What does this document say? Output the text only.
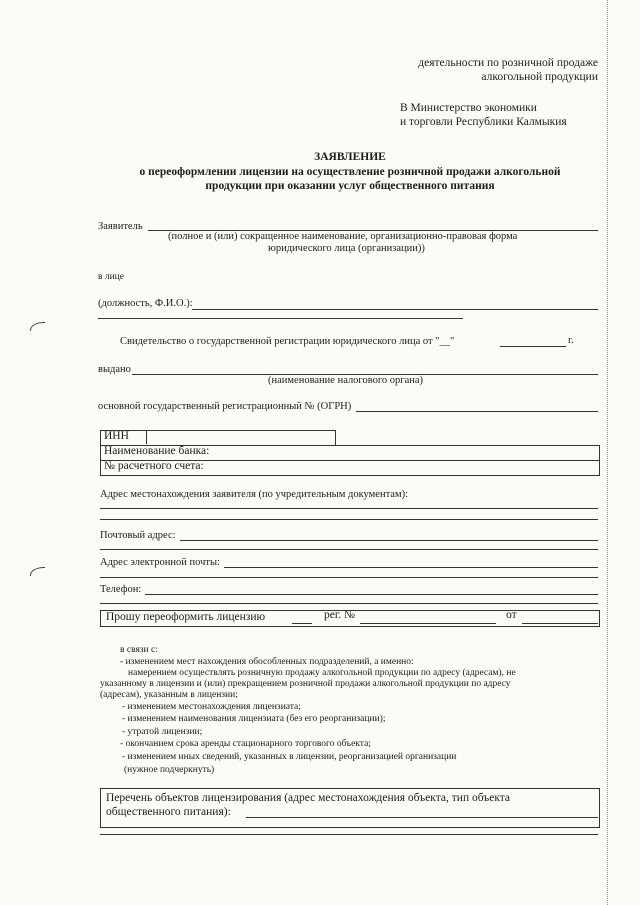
деятельности по розничной продаже
алкогольной продукции
В Министерство экономики
и торговли Республики Калмыкия
ЗАЯВЛЕНИЕ
о переоформлении лицензии на осуществление розничной продажи алкогольной
продукции при оказании услуг общественного питания
Заявитель
(полное и (или) сокращенное наименование, организационно-правовая форма
юридического лица (организации))
в лице
(должность, Ф.И.О.):
Свидетельство о государственной регистрации юридического лица от "__"	г.
выдано
(наименование налогового органа)
основной государственный регистрационный № (ОГРН)
ИНН
Наименование банка:
№ расчетного счета:
Адрес местонахождения заявителя (по учредительным документам):
Почтовый адрес:
Адрес электронной почты:
Телефон:
Прошу переоформить лицензию	рег. №	от
в связи с:
- изменением мест нахождения обособленных подразделений, а именно:
намерением осуществлять розничную продажу алкогольной продукции по адресу (адресам), не
указанному в лицензии и (или) прекращением розничной продажи алкогольной продукции по адресу
(адресам), указанным в лицензии;
- изменением местонахождения лицензиата;
- изменением наименования лицензиата (без его реорганизации);
- утратой лицензии;
- окончанием срока аренды стационарного торгового объекта;
- изменением иных сведений, указанных в лицензии, реорганизацией организации
(нужное подчеркнуть)
Перечень объектов лицензирования (адрес местонахождения объекта, тип объекта
общественного питания):
